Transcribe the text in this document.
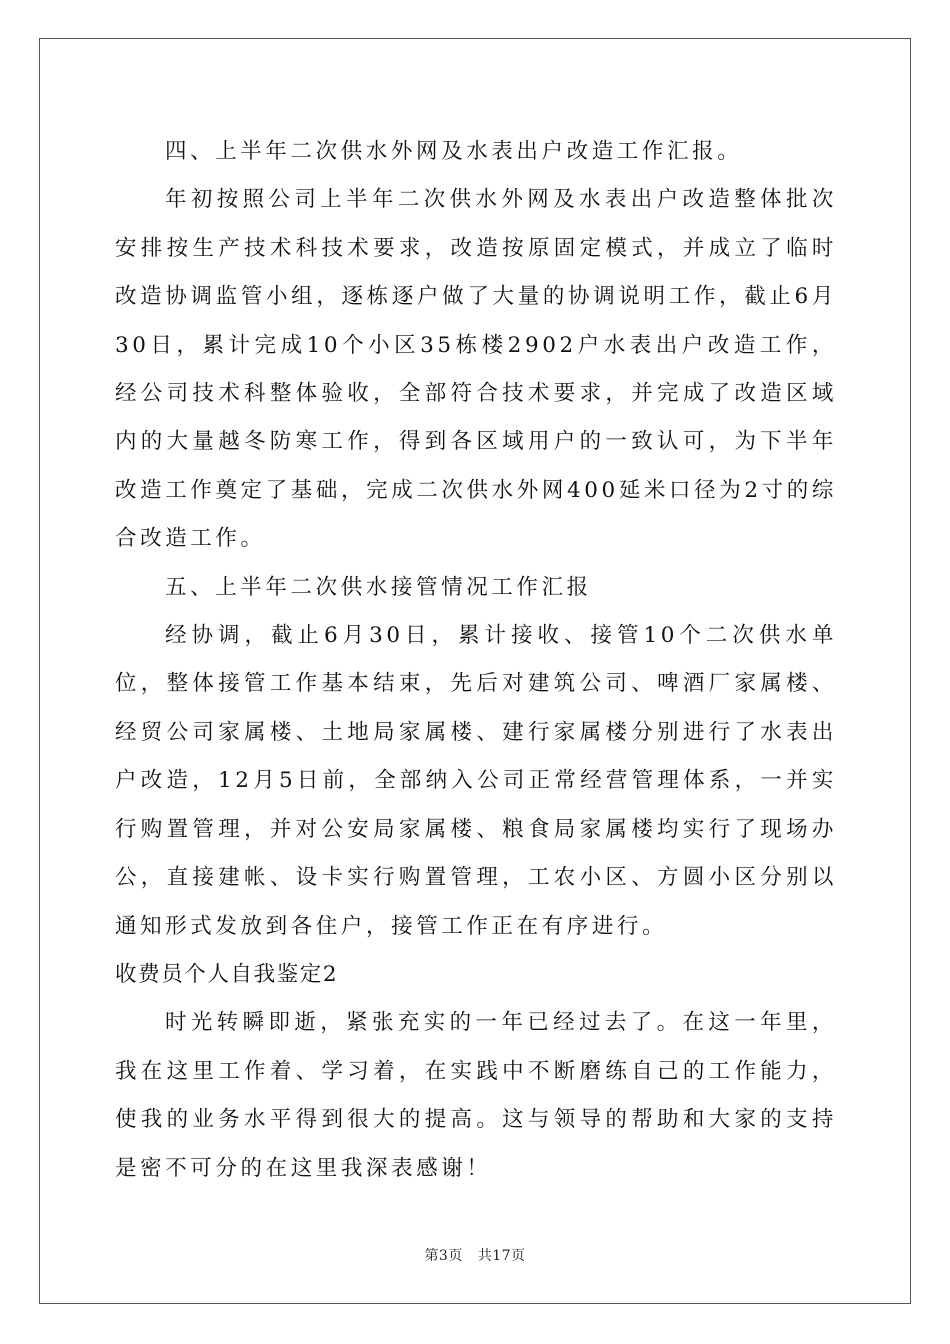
四、上半年二次供水外网及水表出户改造工作汇报。

年初按照公司上半年二次供水外网及水表出户改造整体批次安排按生产技术科技术要求，改造按原固定模式，并成立了临时改造协调监管小组，逐栋逐户做了大量的协调说明工作，截止6月30日，累计完成10个小区35栋楼2902户水表出户改造工作，经公司技术科整体验收，全部符合技术要求，并完成了改造区域内的大量越冬防寒工作，得到各区域用户的一致认可，为下半年改造工作奠定了基础，完成二次供水外网400延米口径为2寸的综合改造工作。

五、上半年二次供水接管情况工作汇报

经协调，截止6月30日，累计接收、接管10个二次供水单位，整体接管工作基本结束，先后对建筑公司、啤酒厂家属楼、经贸公司家属楼、土地局家属楼、建行家属楼分别进行了水表出户改造，12月5日前，全部纳入公司正常经营管理体系，一并实行购置管理，并对公安局家属楼、粮食局家属楼均实行了现场办公，直接建帐、设卡实行购置管理，工农小区、方圆小区分别以通知形式发放到各住户，接管工作正在有序进行。

收费员个人自我鉴定2

时光转瞬即逝，紧张充实的一年已经过去了。在这一年里，我在这里工作着、学习着，在实践中不断磨练自己的工作能力，使我的业务水平得到很大的提高。这与领导的帮助和大家的支持是密不可分的在这里我深表感谢！

第3页 共17页
